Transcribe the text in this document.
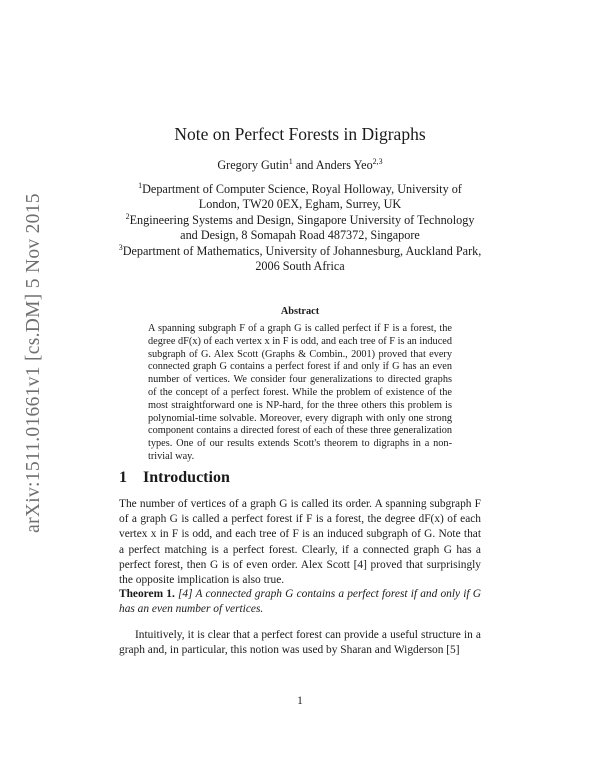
arXiv:1511.01661v1 [cs.DM] 5 Nov 2015
Note on Perfect Forests in Digraphs
Gregory Gutin$^1$ and Anders Yeo$^{2,3}$

$^1$Department of Computer Science, Royal Holloway, University of London, TW20 0EX, Egham, Surrey, UK

$^2$Engineering Systems and Design, Singapore University of Technology and Design, 8 Somapah Road 487372, Singapore

$^3$Department of Mathematics, University of Johannesburg, Auckland Park, 2006 South Africa

Abstract
A spanning subgraph F of a graph G is called perfect if F is a forest, the degree dF(x) of each vertex x in F is odd, and each tree of F is an induced subgraph of G. Alex Scott (Graphs & Combin., 2001) proved that every connected graph G contains a perfect forest if and only if G has an even number of vertices. We consider four generalizations to directed graphs of the concept of a perfect forest. While the problem of existence of the most straightforward one is NP-hard, for the three others this problem is polynomial-time solvable. Moreover, every digraph with only one strong component contains a directed forest of each of these three generalization types. One of our results extends Scott's theorem to digraphs in a non-trivial way.
1 Introduction

The number of vertices of a graph G is called its order. A spanning subgraph F of a graph G is called a perfect forest if F is a forest, the degree dF(x) of each vertex x in F is odd, and each tree of F is an induced subgraph of G. Note that a perfect matching is a perfect forest. Clearly, if a connected graph G has a perfect forest, then G is of even order. Alex Scott [4] proved that surprisingly the opposite implication is also true.

Theorem 1. [4] A connected graph G contains a perfect forest if and only if G has an even number of vertices.

Intuitively, it is clear that a perfect forest can provide a useful structure in a graph and, in particular, this notion was used by Sharan and Wigderson [5]

1
